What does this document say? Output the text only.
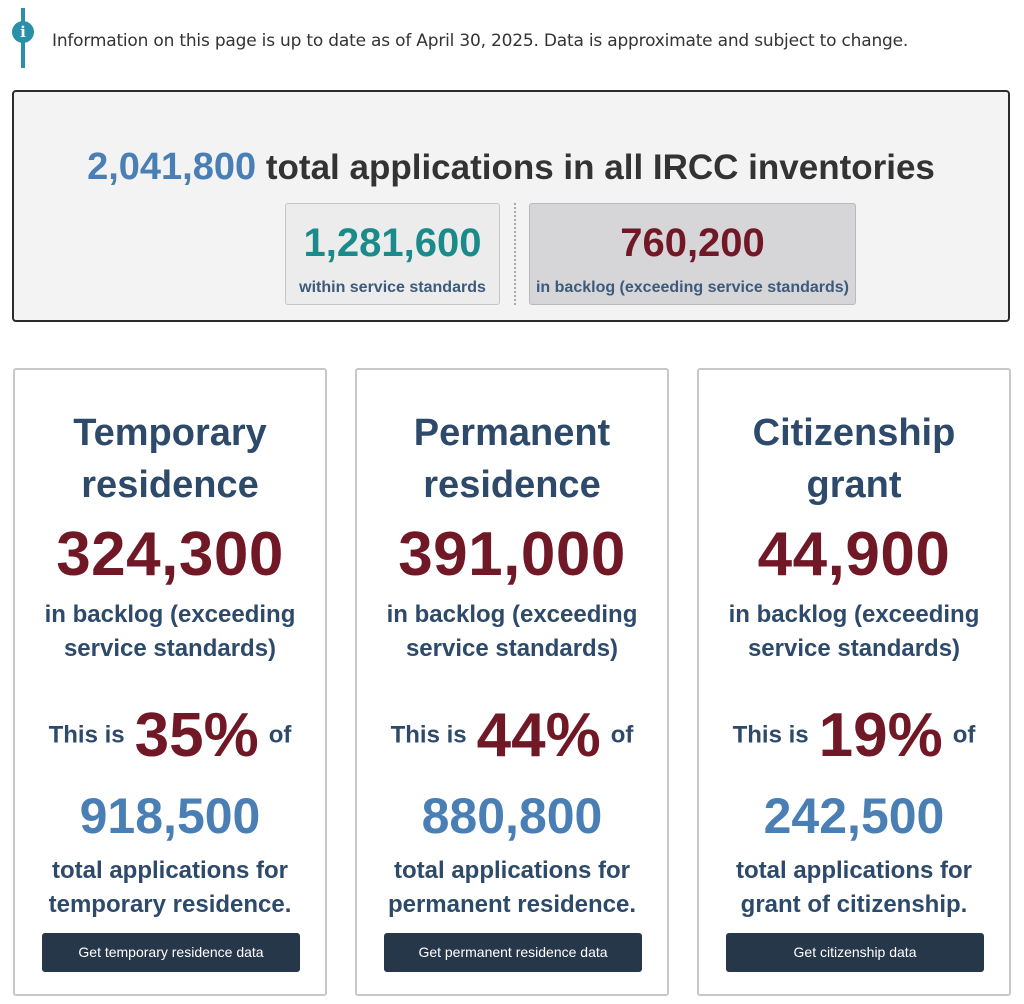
i	Information on this page is up to date as of April 30, 2025. Data is approximate and subject to change.
2,041,800 total applications in all IRCC inventories
1,281,600
within service standards
760,200
in backlog (exceeding service standards)
Temporary
residence
324,300
in backlog (exceeding
service standards)
This is 35% of
918,500
total applications for
temporary residence.
Get temporary residence data
Permanent
residence
391,000
in backlog (exceeding
service standards)
This is 44% of
880,800
total applications for
permanent residence.
Get permanent residence data
Citizenship
grant
44,900
in backlog (exceeding
service standards)
This is 19% of
242,500
total applications for
grant of citizenship.
Get citizenship data
